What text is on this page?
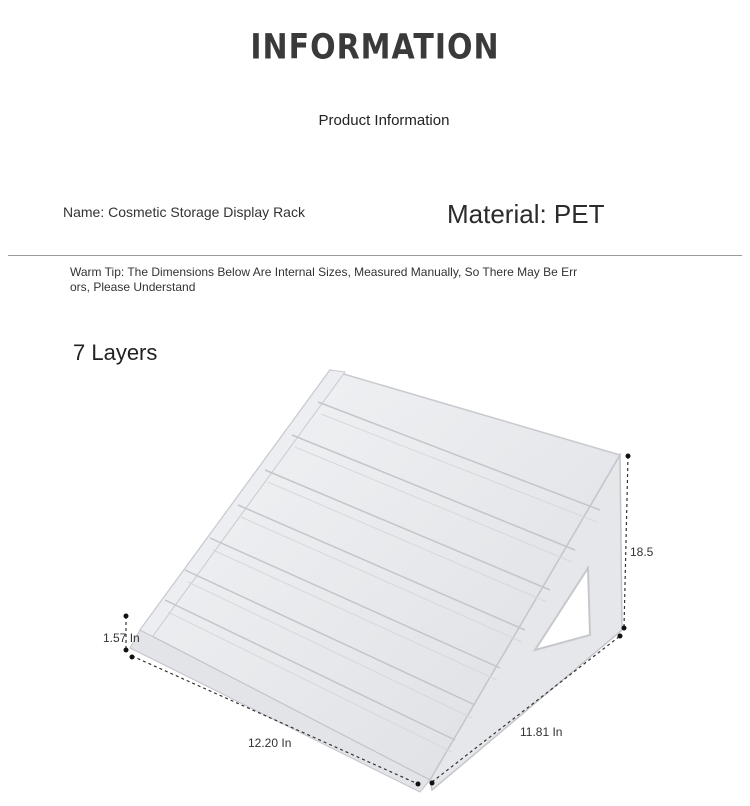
INFORMATION
Product Information
Name: Cosmetic Storage Display Rack	Material: PET
Warm Tip: The Dimensions Below Are Internal Sizes, Measured Manually, So There May Be Errors, Please Understand
7 Layers
1.57 In
12.20 In
11.81 In
18.5
